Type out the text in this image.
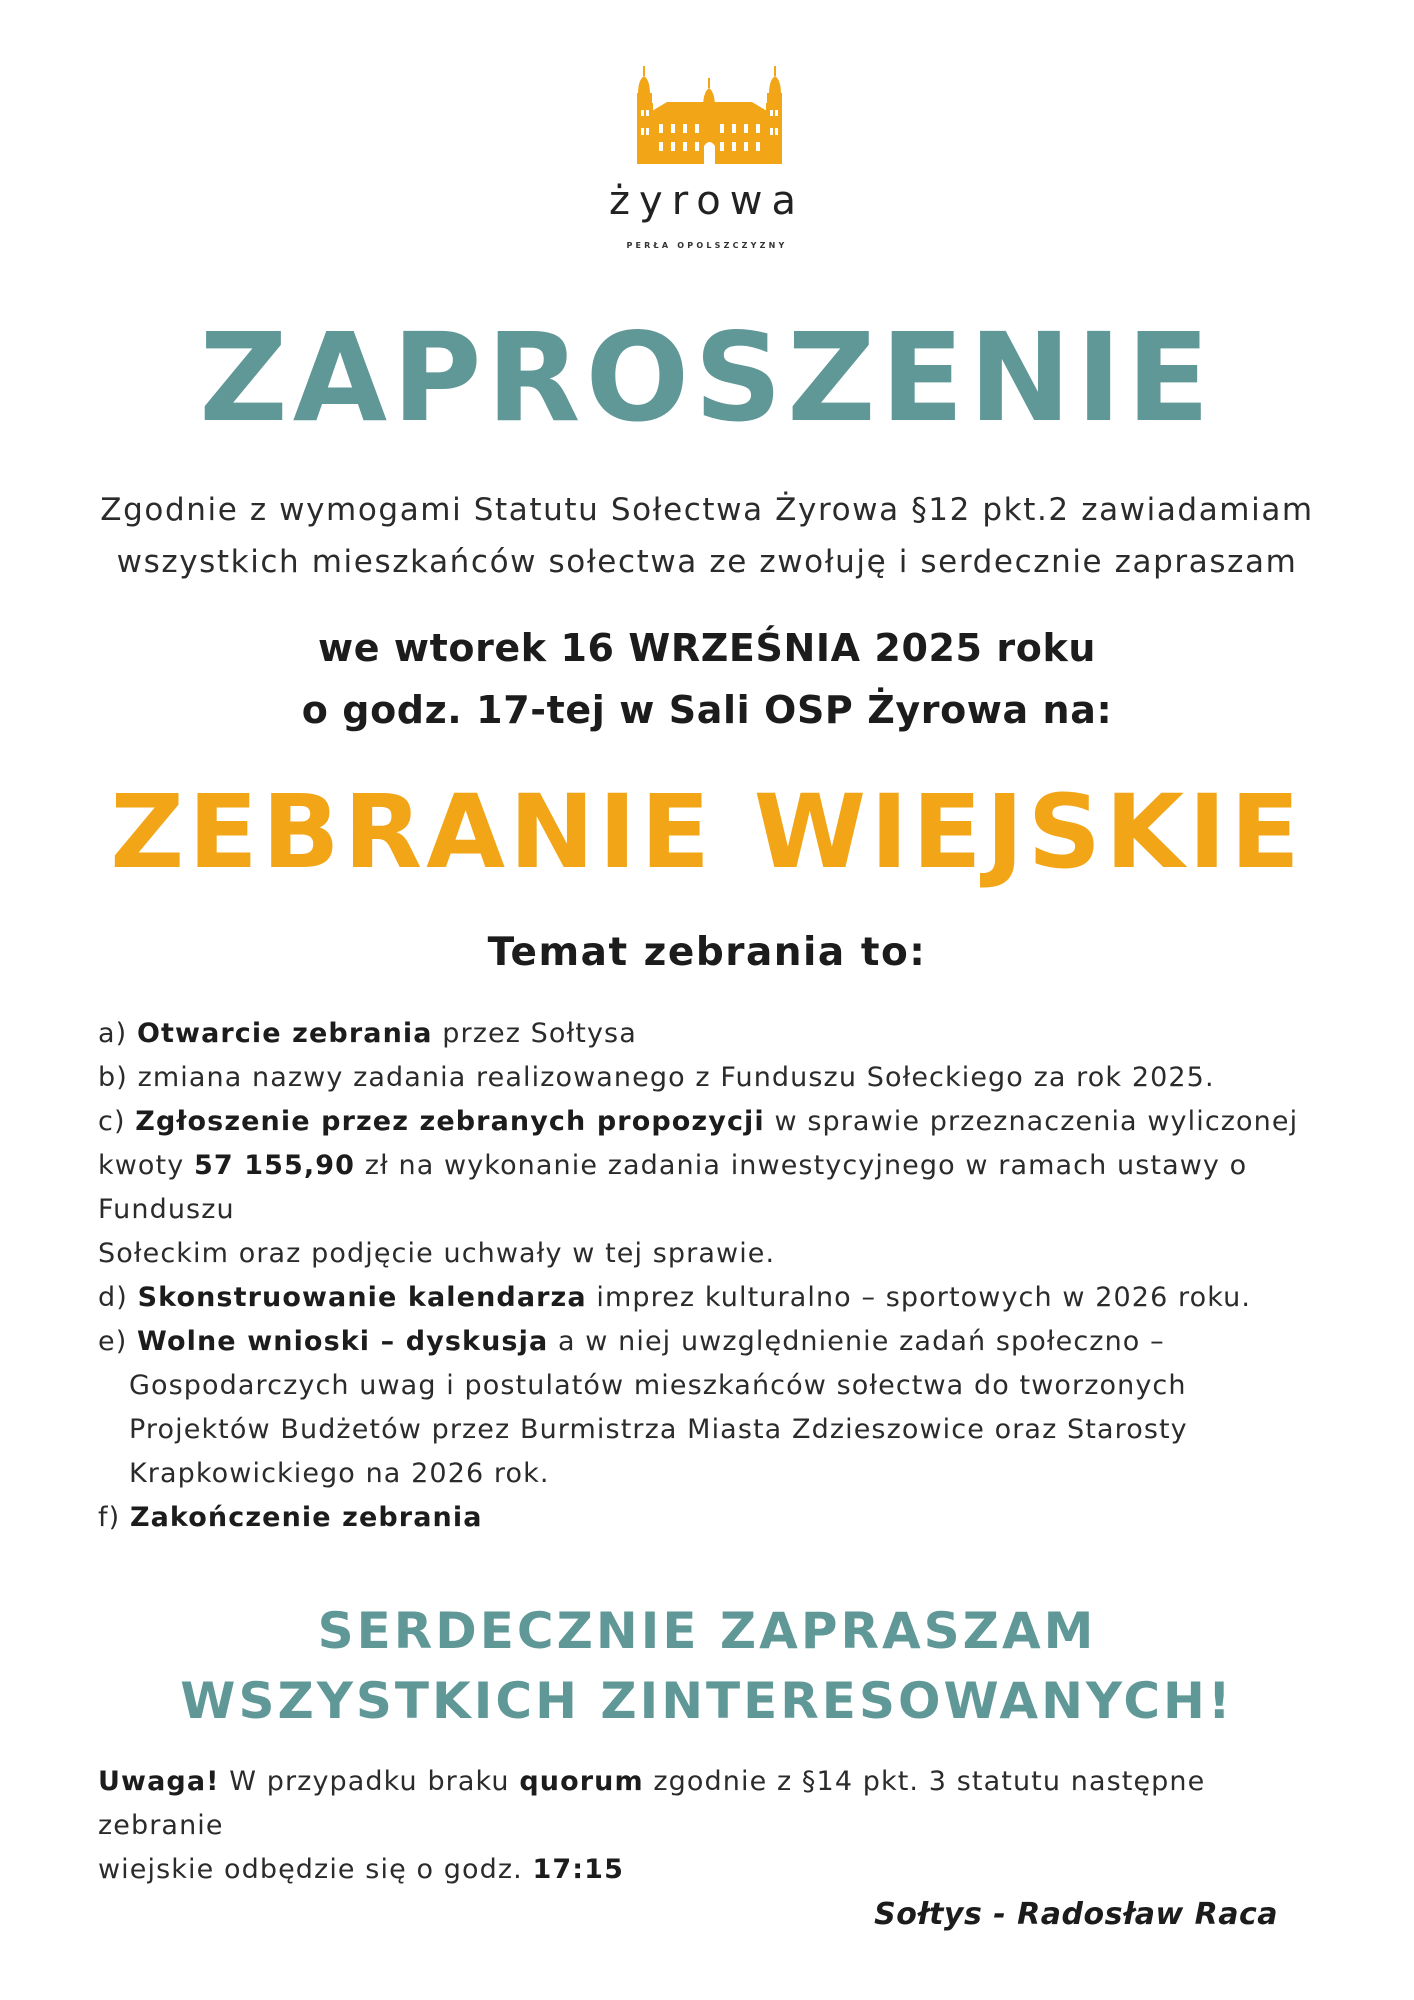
żyrowa
PERŁA OPOLSZCZYZNY
ZAPROSZENIE
Zgodnie z wymogami Statutu Sołectwa Żyrowa §12 pkt.2 zawiadamiam
wszystkich mieszkańców sołectwa ze zwołuję i serdecznie zapraszam
we wtorek 16 WRZEŚNIA 2025 roku
o godz. 17-tej w Sali OSP Żyrowa na:
ZEBRANIE WIEJSKIE
Temat zebrania to:

a) Otwarcie zebrania przez Sołtysa

b) zmiana nazwy zadania realizowanego z Funduszu Sołeckiego za rok 2025.

c) Zgłoszenie przez zebranych propozycji w sprawie przeznaczenia wyliczonej

kwoty 57 155,90 zł na wykonanie zadania inwestycyjnego w ramach ustawy o Funduszu

Sołeckim oraz podjęcie uchwały w tej sprawie.

d) Skonstruowanie kalendarza imprez kulturalno – sportowych w 2026 roku.

e) Wolne wnioski – dyskusja a w niej uwzględnienie zadań społeczno –

Gospodarczych uwag i postulatów mieszkańców sołectwa do tworzonych

Projektów Budżetów przez Burmistrza Miasta Zdzieszowice oraz Starosty

Krapkowickiego na 2026 rok.

f) Zakończenie zebrania

SERDECZNIE ZAPRASZAM
WSZYSTKICH ZINTERESOWANYCH!
Uwaga! W przypadku braku quorum zgodnie z §14 pkt. 3 statutu następne zebranie
wiejskie odbędzie się o godz. 17:15
Sołtys - Radosław Raca
